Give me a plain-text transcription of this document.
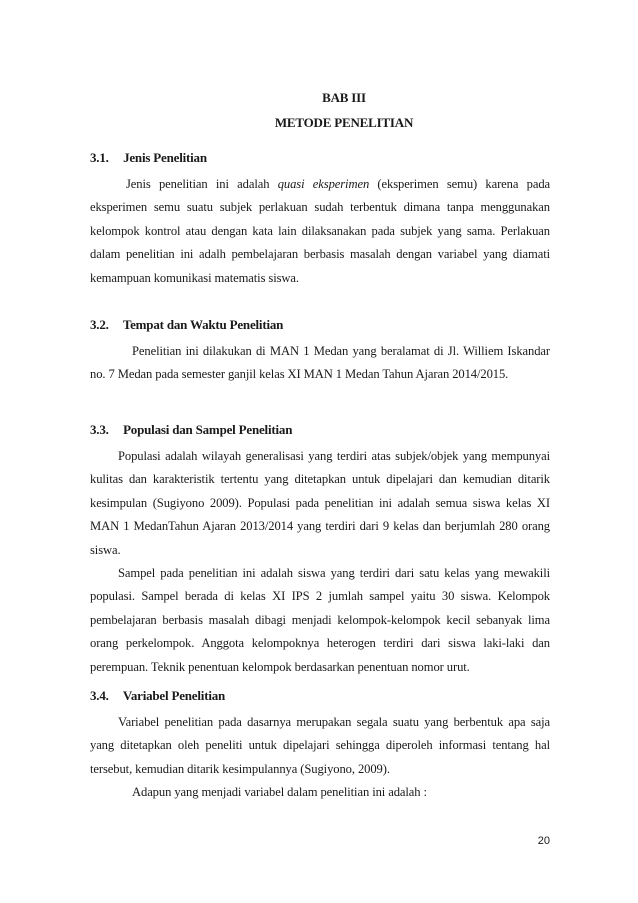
BAB III
METODE PENELITIAN
3.1. Jenis Penelitian

Jenis penelitian ini adalah quasi eksperimen (eksperimen semu) karena pada eksperimen semu suatu subjek perlakuan sudah terbentuk dimana tanpa menggunakan kelompok kontrol atau dengan kata lain dilaksanakan pada subjek yang sama. Perlakuan dalam penelitian ini adalh pembelajaran berbasis masalah dengan variabel yang diamati kemampuan komunikasi matematis siswa.

3.2. Tempat dan Waktu Penelitian

Penelitian ini dilakukan di MAN 1 Medan yang beralamat di Jl. Williem Iskandar no. 7 Medan pada semester ganjil kelas XI MAN 1 Medan Tahun Ajaran 2014/2015.

3.3. Populasi dan Sampel Penelitian

Populasi adalah wilayah generalisasi yang terdiri atas subjek/objek yang mempunyai kulitas dan karakteristik tertentu yang ditetapkan untuk dipelajari dan kemudian ditarik kesimpulan (Sugiyono 2009). Populasi pada penelitian ini adalah semua siswa kelas XI MAN 1 MedanTahun Ajaran 2013/2014 yang terdiri dari 9 kelas dan berjumlah 280 orang siswa.

Sampel pada penelitian ini adalah siswa yang terdiri dari satu kelas yang mewakili populasi. Sampel berada di kelas XI IPS 2 jumlah sampel yaitu 30 siswa. Kelompok pembelajaran berbasis masalah dibagi menjadi kelompok-kelompok kecil sebanyak lima orang perkelompok. Anggota kelompoknya heterogen terdiri dari siswa laki-laki dan perempuan. Teknik penentuan kelompok berdasarkan penentuan nomor urut.

3.4. Variabel Penelitian

Variabel penelitian pada dasarnya merupakan segala suatu yang berbentuk apa saja yang ditetapkan oleh peneliti untuk dipelajari sehingga diperoleh informasi tentang hal tersebut, kemudian ditarik kesimpulannya (Sugiyono, 2009).

Adapun yang menjadi variabel dalam penelitian ini adalah :

20
